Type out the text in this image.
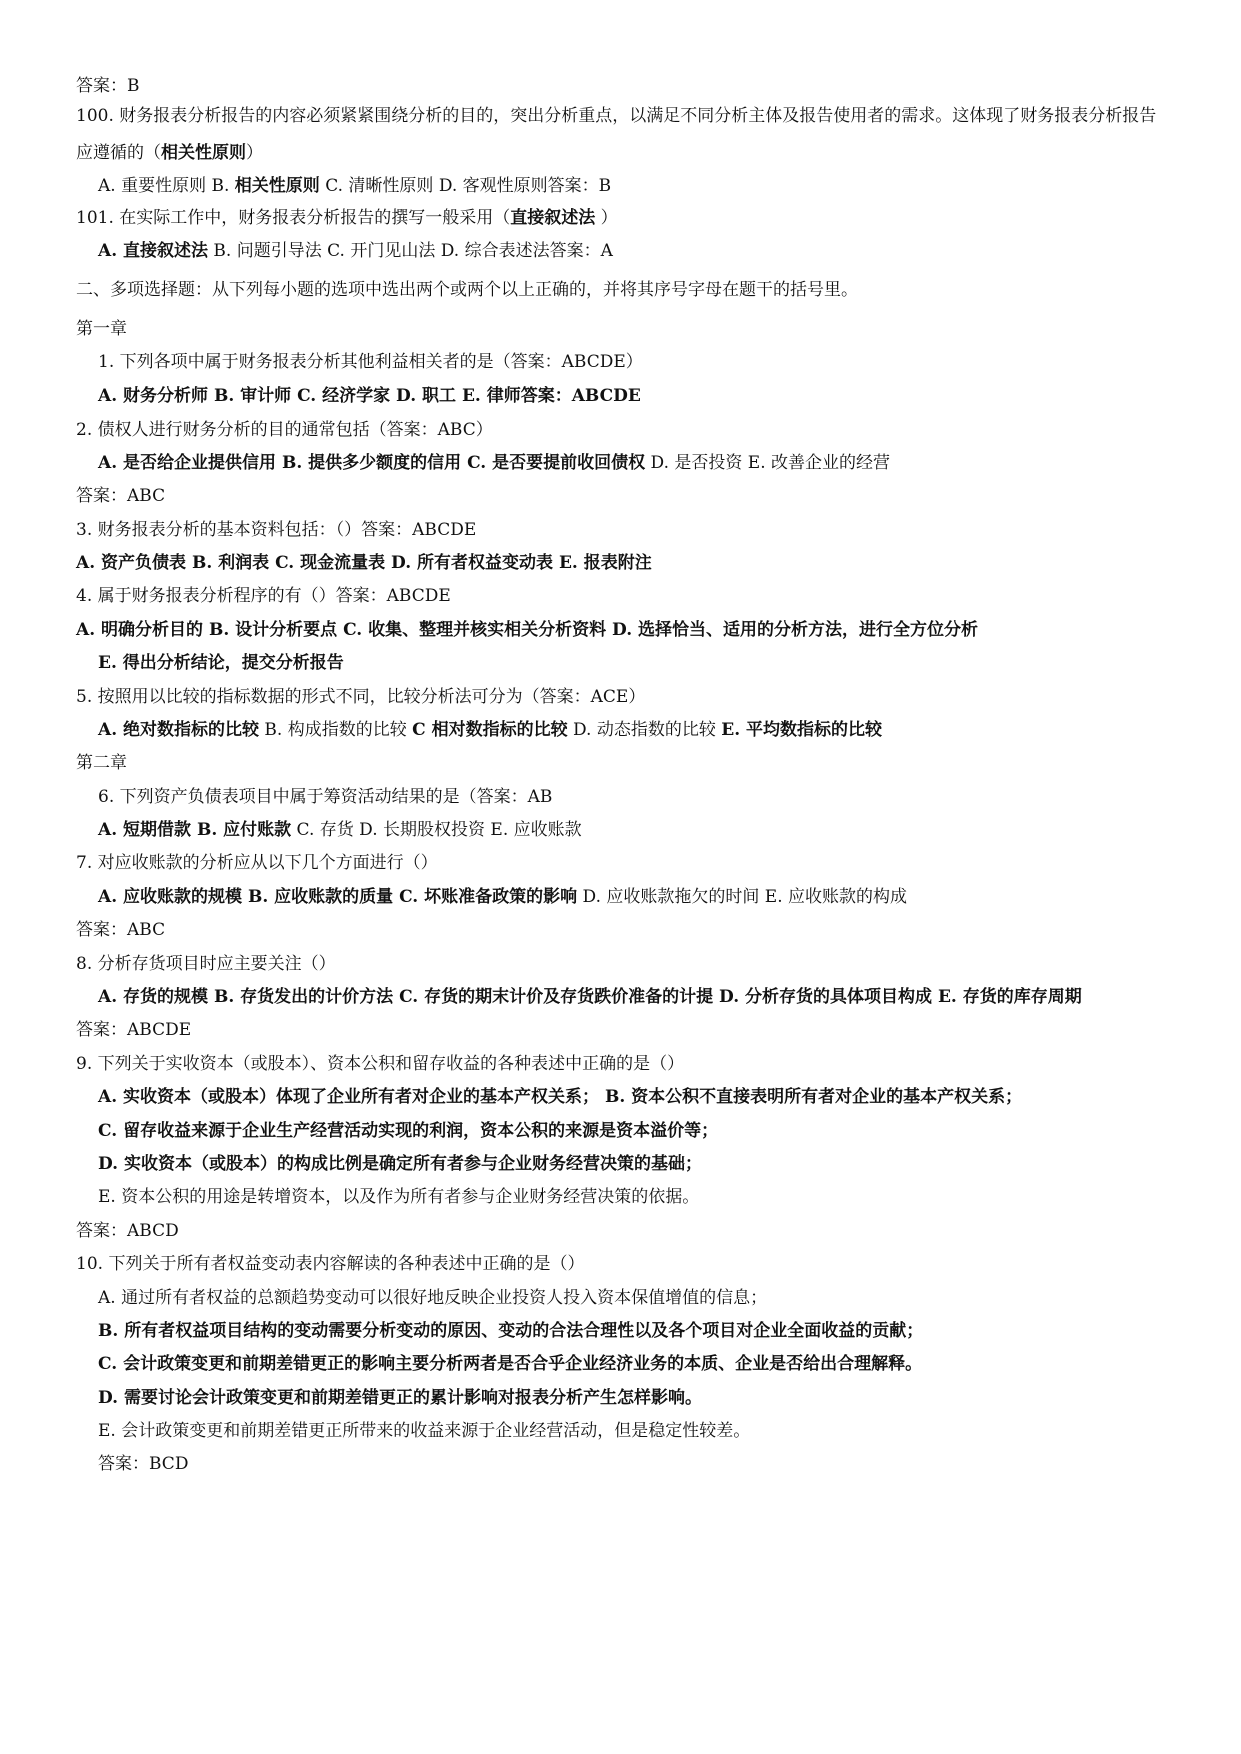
答案：B
100. 财务报表分析报告的内容必须紧紧围绕分析的目的，突出分析重点，以满足不同分析主体及报告使用者的需求。这体现了财务报表分析报告应遵循的（相关性原则）
A. 重要性原则 B. 相关性原则 C. 清晰性原则 D. 客观性原则答案：B
101. 在实际工作中，财务报表分析报告的撰写一般采用（直接叙述法 ）
A. 直接叙述法 B. 问题引导法 C. 开门见山法 D. 综合表述法答案：A
二、多项选择题：从下列每小题的选项中选出两个或两个以上正确的，并将其序号字母在题干的括号里。
第一章
1. 下列各项中属于财务报表分析其他利益相关者的是（答案：ABCDE）
A. 财务分析师 B. 审计师 C. 经济学家 D. 职工 E. 律师答案：ABCDE
2. 债权人进行财务分析的目的通常包括（答案：ABC）
A. 是否给企业提供信用 B. 提供多少额度的信用 C. 是否要提前收回债权 D. 是否投资 E. 改善企业的经营
答案：ABC
3. 财务报表分析的基本资料包括：（）答案：ABCDE
A. 资产负债表 B. 利润表 C. 现金流量表 D. 所有者权益变动表 E. 报表附注
4. 属于财务报表分析程序的有（）答案：ABCDE
A. 明确分析目的 B. 设计分析要点 C. 收集、整理并核实相关分析资料 D. 选择恰当、适用的分析方法，进行全方位分析
E. 得出分析结论，提交分析报告
5. 按照用以比较的指标数据的形式不同，比较分析法可分为（答案：ACE）
A. 绝对数指标的比较 B. 构成指数的比较 C 相对数指标的比较 D. 动态指数的比较 E. 平均数指标的比较
第二章
6. 下列资产负债表项目中属于筹资活动结果的是（答案：AB
A. 短期借款 B. 应付账款 C. 存货 D. 长期股权投资 E. 应收账款
7. 对应收账款的分析应从以下几个方面进行（）
A. 应收账款的规模 B. 应收账款的质量 C. 坏账准备政策的影响 D. 应收账款拖欠的时间 E. 应收账款的构成
答案：ABC
8. 分析存货项目时应主要关注（）
A. 存货的规模 B. 存货发出的计价方法 C. 存货的期末计价及存货跌价准备的计提 D. 分析存货的具体项目构成 E. 存货的库存周期
答案：ABCDE
9. 下列关于实收资本（或股本）、资本公积和留存收益的各种表述中正确的是（）
A. 实收资本（或股本）体现了企业所有者对企业的基本产权关系； B. 资本公积不直接表明所有者对企业的基本产权关系；
C. 留存收益来源于企业生产经营活动实现的利润，资本公积的来源是资本溢价等；
D. 实收资本（或股本）的构成比例是确定所有者参与企业财务经营决策的基础；
E. 资本公积的用途是转增资本，以及作为所有者参与企业财务经营决策的依据。
答案：ABCD
10. 下列关于所有者权益变动表内容解读的各种表述中正确的是（）
A. 通过所有者权益的总额趋势变动可以很好地反映企业投资人投入资本保值增值的信息；
B. 所有者权益项目结构的变动需要分析变动的原因、变动的合法合理性以及各个项目对企业全面收益的贡献；
C. 会计政策变更和前期差错更正的影响主要分析两者是否合乎企业经济业务的本质、企业是否给出合理解释。
D. 需要讨论会计政策变更和前期差错更正的累计影响对报表分析产生怎样影响。
E. 会计政策变更和前期差错更正所带来的收益来源于企业经营活动，但是稳定性较差。
答案：BCD
